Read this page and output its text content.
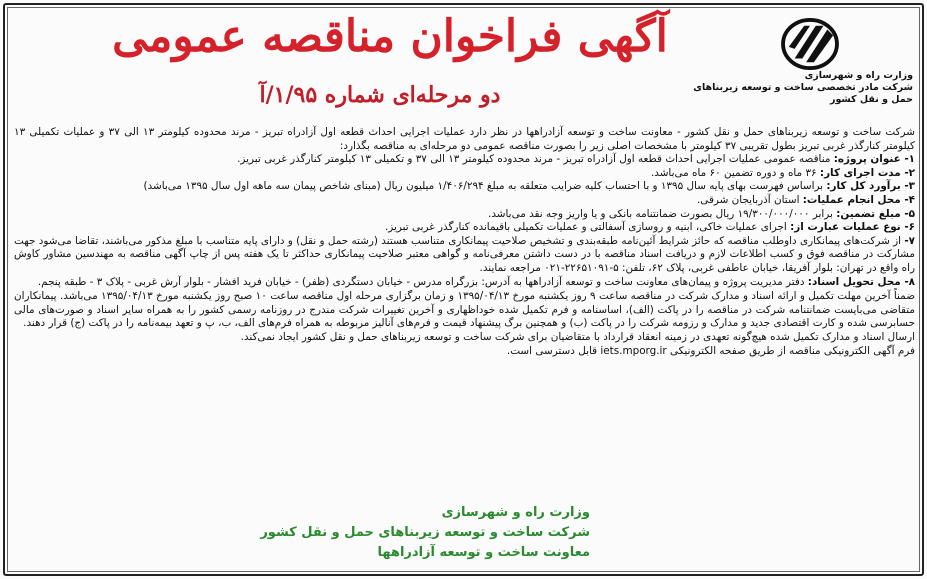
وزارت راه و شهرسازی
شرکت مادر تخصصی ساخت و توسعه زیربناهای
حمل و نقل کشور
آگهی فراخوان مناقصه عمومی
دو مرحله‌ای شماره ۱/۹۵/آ

شرکت ساخت و توسعه زیربناهای حمل و نقل کشور - معاونت ساخت و توسعه آزادراهها در نظر دارد عملیات اجرایی احداث قطعه اول آزادراه تبریز - مرند محدوده کیلومتر ۱۳ الی ۳۷ و عملیات تکمیلی ۱۳ کیلومتر کنارگذر غربی تبریز بطول تقریبی ۳۷ کیلومتر با مشخصات اصلی زیر را بصورت مناقصه عمومی دو مرحله‌ای به مناقصه بگذارد:

۱- عنوان پروژه: مناقصه عمومی عملیات اجرایی احداث قطعه اول آزادراه تبریز - مرند محدوده کیلومتر ۱۳ الی ۳۷ و تکمیلی ۱۳ کیلومتر کنارگذر غربی تبریز.

۲- مدت اجرای کار: ۳۶ ماه و دوره تضمین ۶۰ ماه می‌باشد.

۳- برآورد کل کار: براساس فهرست بهای پایه سال ۱۳۹۵ و با احتساب کلیه ضرایب متعلقه به مبلغ ۱/۴۰۶/۲۹۴ میلیون ریال (مبنای شاخص پیمان سه ماهه اول سال ۱۳۹۵ می‌باشد)

۴- محل انجام عملیات: استان آذربایجان شرقی.

۵- مبلغ تضمین: برابر ۱۹/۳۰۰/۰۰۰/۰۰۰ ریال بصورت ضمانتنامه بانکی و یا واریز وجه نقد می‌باشد.

۶- نوع عملیات عبارت از: اجرای عملیات خاکی، ابنیه و روسازی آسفالتی و عملیات تکمیلی باقیمانده کنارگذر غربی تبریز.

۷- از شرکت‌های پیمانکاری داوطلب مناقصه که حائز شرایط آئین‌نامه طبقه‌بندی و تشخیص صلاحیت پیمانکاری متناسب هستند (رشته حمل و نقل) و دارای پایه متناسب با مبلغ مذکور می‌باشند، تقاضا می‌شود جهت مشارکت در مناقصه فوق و کسب اطلاعات لازم و دریافت اسناد مناقصه با در دست داشتن معرفی‌نامه و گواهی معتبر صلاحیت پیمانکاری حداکثر تا یک هفته پس از چاپ آگهی مناقصه به مهندسین مشاور کاوش راه واقع در تهران: بلوار آفریقا، خیابان عاطفی غربی، پلاک ۶۲، تلفن: ۵-۲۲۶۵۱۰۹۱-۰۲۱ مراجعه نمایند.

۸- محل تحویل اسناد: دفتر مدیریت پروژه و پیمان‌های معاونت ساخت و توسعه آزادراهها به آدرس: بزرگراه مدرس - خیابان دستگردی (ظفر) - خیابان فرید افشار - بلوار آرش غربی - پلاک ۳ - طبقه پنجم.

ضمناً آخرین مهلت تکمیل و ارائه اسناد و مدارک شرکت در مناقصه ساعت ۹ روز یکشنبه مورخ ۱۳۹۵/۰۴/۱۳ و زمان برگزاری مرحله اول مناقصه ساعت ۱۰ صبح روز یکشنبه مورخ ۱۳۹۵/۰۴/۱۳ می‌باشد. پیمانکاران متقاضی می‌بایست ضمانتنامه شرکت در مناقصه را در پاکت (الف)، اساسنامه و فرم تکمیل شده خوداظهاری و آخرین تغییرات شرکت مندرج در روزنامه رسمی کشور را به همراه سایر اسناد و صورت‌های مالی حسابرسی شده و کارت اقتصادی جدید و مدارک و رزومه شرکت را در پاکت (ب) و همچنین برگ پیشنهاد قیمت و فرم‌های آنالیز مربوطه به همراه فرم‌های الف، ب، پ و تعهد بیمه‌نامه را در پاکت (ج) قرار دهند.

ارسال اسناد و مدارک تکمیل شده هیچ‌گونه تعهدی در زمینه انعقاد قرارداد با متقاضیان برای شرکت ساخت و توسعه زیربناهای حمل و نقل کشور ایجاد نمی‌کند.

فرم آگهی الکترونیکی مناقصه از طریق صفحه الکترونیکی iets.mporg.ir قابل دسترسی است.

وزارت راه و شهرسازی
شرکت ساخت و توسعه زیربناهای حمل و نقل کشور
معاونت ساخت و توسعه آزادراهها
